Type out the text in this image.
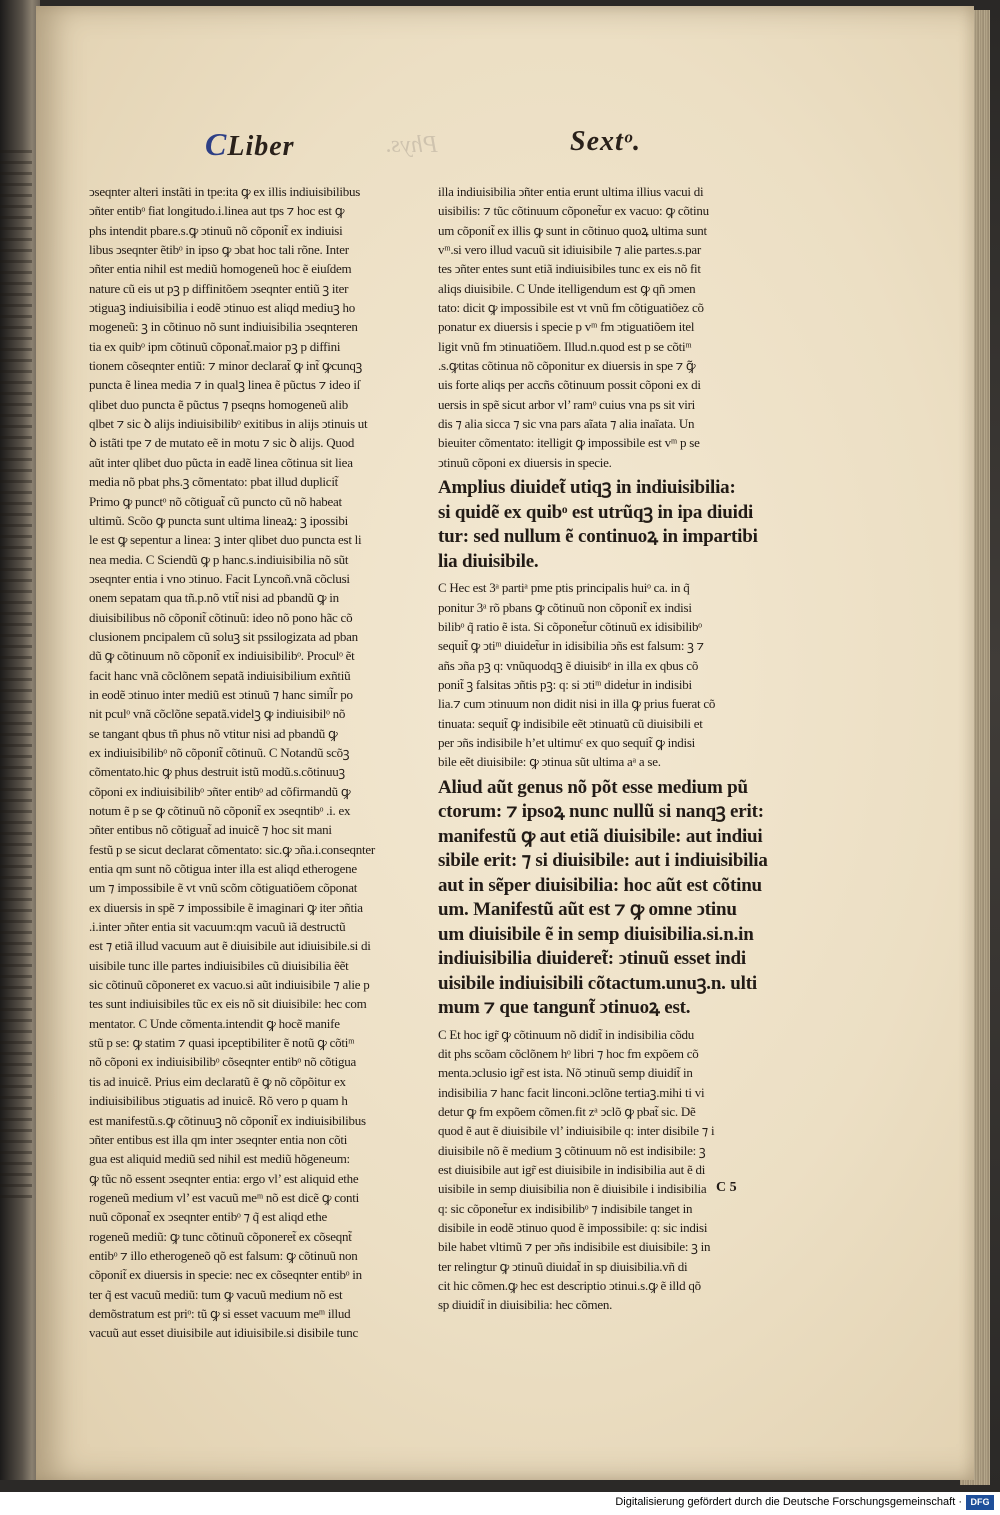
CLiber	Phys.	Sextᵒ.
ↄseqnter alteri instãti in tpe:ita ꝙ ex illis indiuisibilibus
ↄñter entibᵒ fiat longitudo.i.linea aut tps ⁊ hoc est ꝙ
phs intendit pbare.s.ꝙ ↄtinuũ nõ cõponit̃ ex indiuisi
libus ↄseqnter ẽtibᵒ in ipso ꝙ ↄbat hoc tali rõne. Inter
ↄñter entia nihil est mediũ homogeneũ hoc ẽ eiuſdem
nature cũ eis ut pꝫ p diffinitõem ↄseqnter entiũ ꝫ iter
ↄtiguaꝫ indiuisibilia i eodẽ ↄtinuo est aliqd mediuꝫ ho
mogeneũ: ꝫ in cõtinuo nõ sunt indiuisibilia ↄseqnteren
tia ex quibᵒ ipm cõtinuũ cõponat̃.maior pꝫ p diffini
tionem cõseqnter entiũ: ⁊ minor declarat̃ ꝙ int̃ ꝙcunqꝫ
puncta ẽ linea media ⁊ in qualꝫ linea ẽ pũctus ⁊ ideo iſ
qlibet duo puncta ẽ pũctus ⁊ pseqns homogeneũ alib
qlbet ⁊ sic ꝺ alijs indiuisibilibᵒ exitibus in alijs ↄtinuis ut
ꝺ istãti tpe ⁊ de mutato eẽ in motu ⁊ sic ꝺ alijs. Quod
aũt inter qlibet duo pũcta in eadẽ linea cõtinua sit liea
media nõ pbat phs.ꝫ cõmentato: pbat illud duplicit̃
Primo ꝙ punctᵒ nõ cõtiguat̃ cũ puncto cũ nõ habeat
ultimũ. Scõo ꝙ puncta sunt ultima lineaꝝ: ꝫ ipossibi
le est ꝙ sepentur a linea: ꝫ inter qlibet duo puncta est li
nea media. C Sciendũ ꝙ p hanc.s.indiuisibilia nõ sũt
ↄseqnter entia i vno ↄtinuo. Facit Lyncoñ.vnã cõclusi
onem sepatam qua tñ.p.nõ vtit̃ nisi ad pbandũ ꝙ in
diuisibilibus nõ cõponit̃ cõtinuũ: ideo nõ pono hãc cõ
clusionem pncipalem cũ soluꝫ sit pssilogizata ad pban
dũ ꝙ cõtinuum nõ cõponit̃ ex indiuisibilibᵒ. Proculᵒ ẽt
facit hanc vnã cõclõnem sepatã indiuisibilium exñtiũ
in eodẽ ↄtinuo inter mediũ est ↄtinuũ ⁊ hanc simil̃r po
nit pculᵒ vnã cõclõne sepatã.videlꝫ ꝙ indiuisibilᵒ nõ
se tangant qbus tñ phus nõ vtitur nisi ad pbandũ ꝙ
ex indiuisibilibᵒ nõ cõponit̃ cõtinuũ. C Notandũ scõꝫ
cõmentato.hic ꝙ phus destruit istũ modũ.s.cõtinuuꝫ
cõponi ex indiuisibilibᵒ ↄñter entibᵒ ad cõfirmandũ ꝙ
notum ẽ p se ꝙ cõtinuũ nõ cõponit̃ ex ↄseqntibᵒ .i. ex
ↄñter entibus nõ cõtiguat̃ ad inuicẽ ⁊ hoc sit mani
festũ p se sicut declarat cõmentato: sic.ꝙ ↄña.i.conseqnter
entia qm sunt nõ cõtigua inter illa est aliqd etherogene
um ⁊ impossibile ẽ vt vnũ scõm cõtiguatiõem cõponat
ex diuersis in spẽ ⁊ impossibile ẽ imaginari ꝙ iter ↄñtia
.i.inter ↄñter entia sit vacuum:qm vacuũ iã destructũ
est ⁊ etiã illud vacuum aut ẽ diuisibile aut idiuisibile.si di
uisibile tunc ille partes indiuisibiles cũ diuisibilia ẽẽt
sic cõtinuũ cõponeret ex vacuo.si aũt indiuisibile ⁊ alie p
tes sunt indiuisibiles tũc ex eis nõ sit diuisibile: hec com
mentator. C Unde cõmenta.intendit ꝙ hocẽ manife
stũ p se: ꝙ statim ⁊ quasi ipceptibiliter ẽ notũ ꝙ cõtiᵐ
nõ cõponi ex indiuisibilibᵒ cõseqnter entibᵒ nõ cõtigua
tis ad inuicẽ. Prius eim declaratũ ẽ ꝙ nõ cõpõitur ex
indiuisibilibus ↄtiguatis ad inuicẽ. Rõ vero p quam h
est manifestũ.s.ꝙ cõtinuuꝫ nõ cõponit̃ ex indiuisibilibus
ↄñter entibus est illa qm inter ↄseqnter entia non cõti
gua est aliquid mediũ sed nihil est mediũ hõgeneum:
ꝙ tũc nõ essent ↄseqnter entia: ergo vl’ est aliquid ethe
rogeneũ medium vl’ est vacuũ meᵐ nõ est dicẽ ꝙ conti
nuũ cõponat̃ ex ↄseqnter entibᵒ ⁊ q̃ est aliqd ethe
rogeneũ mediũ: ꝙ tunc cõtinuũ cõponeret̃ ex cõseqnt̃
entibᵒ ⁊ illo etherogeneõ qõ est falsum: ꝙ cõtinuũ non
cõponit̃ ex diuersis in specie: nec ex cõseqnter entibᵒ in
ter q̃ est vacuũ mediũ: tum ꝙ vacuũ medium nõ est
demõstratum est priᵒ: tũ ꝙ si esset vacuum meᵐ illud
vacuũ aut esset diuisibile aut idiuisibile.si disibile tunc
illa indiuisibilia ↄñter entia erunt ultima illius vacui di
uisibilis: ⁊ tũc cõtinuum cõponet̃ur ex vacuo: ꝙ cõtinu
um cõponit̃ ex illis ꝙ sunt in cõtinuo quoꝝ ultima sunt
vᵐ.si vero illud vacuũ sit idiuisibile ⁊ alie partes.s.par
tes ↄñter entes sunt etiã indiuisibiles tunc ex eis nõ fit
aliqs diuisibile. C Unde itelligendum est ꝙ qñ ↄmen
tato: dicit ꝙ impossibile est vt vnũ fm cõtiguatiõez cõ
ponatur ex diuersis i specie p vᵐ fm ↄtiguatiõem itel
ligit vnũ fm ↄtinuatiõem. Illud.n.quod est p se cõtiᵐ
.s.ꝙtitas cõtinua nõ cõponitur ex diuersis in spe ⁊ ꝙ̃
uis forte aliqs per accñs cõtinuum possit cõponi ex di
uersis in spẽ sicut arbor vl’ ramᵒ cuius vna ps sit viri
dis ⁊ alia sicca ⁊ sic vna pars aĩata ⁊ alia inaĩata. Un
bieuiter cõmentato: itelligit ꝙ impossibile est vᵐ p se
ↄtinuũ cõponi ex diuersis in specie.
Amplius diuidet̃ utiqꝫ in indiuisibilia:
si quidẽ ex quibᵒ est utrũqꝫ in ipa diuidi
tur: sed nullum ẽ continuoꝝ in impartibi
lia diuisibile.
C Hec est 3ᵃ partiᵃ pme ptis principalis huiᵒ ca. in q̃
ponitur 3ᵃ rõ pbans ꝙ cõtinuũ non cõponit̃ ex indisi
bilibᵒ q̃ ratio ẽ ista. Si cõponet̃ur cõtinuũ ex idisibilibᵒ
sequit̃ ꝙ ↄtiᵐ diuidet̃ur in idisibilia ↄñs est falsum: ꝫ ⁊
añs ↄña pꝫ q: vnũquodqꝫ ẽ diuisibᵉ in illa ex qbus cõ
ponit̃ ꝫ falsitas ↄñtis pꝫ: q: si ↄtiᵐ dideṫur in indisibi
lia.⁊ cum ↄtinuum non didit nisi in illa ꝙ prius fuerat cõ
tinuata: sequit̃ ꝙ indisibile eẽt ↄtinuatũ cũ diuisibili et
per ↄñs indisibile h’et ultimuᶜ ex quo sequit̃ ꝙ indisi
bile eẽt diuisibile: ꝙ ↄtinua sũt ultima aᵃ a se.
Aliud aũt genus nõ põt esse medium pũ
ctorum: ⁊ ipsoꝝ nunc nullũ si nanqꝫ erit:
manifestũ ꝙ aut etiã diuisibile: aut indiui
sibile erit: ⁊ si diuisibile: aut i indiuisibilia
aut in sẽper diuisibilia: hoc aũt est cõtinu
um. Manifestũ aũt est ⁊ ꝙ omne ↄtinu
um diuisibile ẽ in semp diuisibilia.si.n.in
indiuisibilia diuideret̃: ↄtinuũ esset indi
uisibile indiuisibili cõtactum.unuꝫ.n. ulti
mum ⁊ que tangunt̃ ↄtinuoꝝ est.
C Et hoc igr̃ ꝙ cõtinuum nõ didit̃ in indisibilia cõdu
dit phs scõam cõclõnem hᵒ libri ⁊ hoc fm expõem cõ
menta.ↄclusio igr̃ est ista. Nõ ↄtinuũ semp diuidit̃ in
indisibilia ⁊ hanc facit linconi.ↄclõne tertiaꝫ.mihi ti vi
detur ꝙ fm expõem cõmen.fit zᵃ ↄclõ ꝙ pbat̃ sic. Dẽ
quod ẽ aut ẽ diuisibile vl’ indiuisibile q: inter disibile ⁊ i
diuisibile nõ ẽ medium ꝫ cõtinuum nõ est indisibile: ꝫ
est diuisibile aut igr̃ est diuisibile in indisibilia aut ẽ di
uisibile in semp diuisibilia non ẽ diuisibile i indisibilia
q: sic cõponet̃ur ex indisibilibᵒ ⁊ indisibile tanget in
disibile in eodẽ ↄtinuo quod ẽ impossibile: q: sic indisi
bile habet vltimũ ⁊ per ↄñs indisibile est diuisibile: ꝫ in
ter relingtur ꝙ ↄtinuũ diuidat̃ in sp diuisibilia.vñ di
cit hic cõmen.ꝙ hec est descriptio ↄtinui.s.ꝙ ẽ illd qõ
sp diuidit̃ in diuisibilia: hec cõmen.
C 5
Digitalisierung gefördert durch die Deutsche Forschungsgemeinschaft · DFG
